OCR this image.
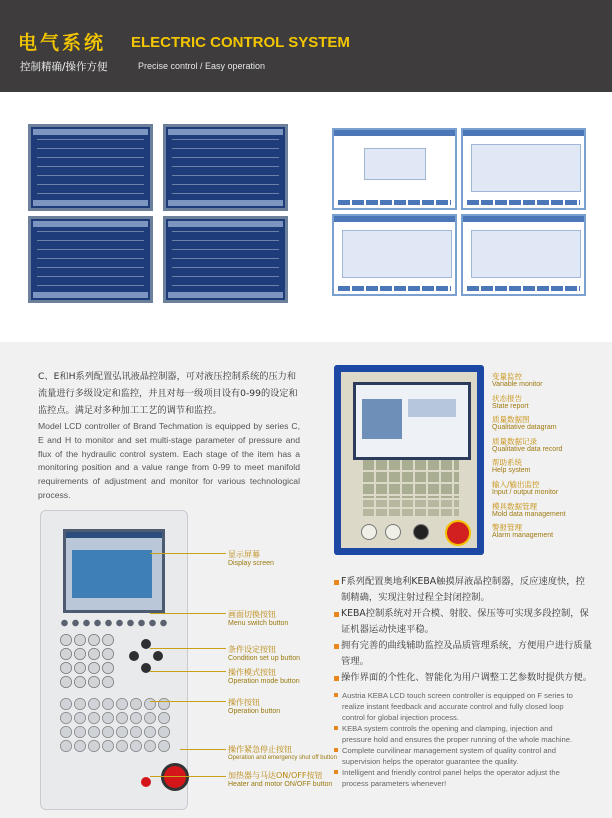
电气系统 ELECTRIC CONTROL SYSTEM
控制精确/操作方便	Precise control / Easy operation
C、E和H系列配置弘讯液晶控制器，可对液压控制系统的压力和流量进行多级设定和监控，并且对每一级项目设有0-99的设定和监控点。满足对多种加工工艺的调节和监控。
Model LCD controller of Brand Techmation is equipped by series C, E and H to monitor and set multi-stage parameter of pressure and flux of the hydraulic control system. Each stage of the item has a monitoring position and a value range from 0-99 to meet manifold requirements of adjustment and monitor for various technological process.
显示屏幕
Display screen
画面切换按钮
Menu switch button
条件设定按钮
Condition set up button
操作模式按钮
Operation mode button
操作按钮
Operation button
操作紧急停止按钮
Operation and emergency shut off button
加热器与马达ON/OFF按钮
Heater and motor ON/OFF button
变量监控
Variable monitor
状态报告
State report
质量数据图
Qualitative datagram
质量数据记录
Qualitative data record
帮助系统
Help system
输入/输出监控
Input / output monitor
模具数据管理
Mold data management
警报管理
Alarm management
F系列配置奥地利KEBA触摸屏液晶控制器，反应速度快，控制精确，实现注射过程全封闭控制。
KEBA控制系统对开合模、射胶、保压等可实现多段控制，保证机器运动快速平稳。
拥有完善的曲线辅助监控及品质管理系统，方便用户进行质量管理。
操作界面的个性化、智能化为用户调整工艺参数时提供方便。
Austria KEBA LCD touch screen controller is equipped on F series to realize instant feedback and accurate control and fully closed loop control for global injection process.
KEBA system controls the opening and clamping, injection and pressure hold and ensures the proper running of the whole machine.
Complete curvilinear management system of quality control and supervision helps the operator guarantee the quality.
Intelligent and friendly control panel helps the operator adjust the process parameters whenever!
